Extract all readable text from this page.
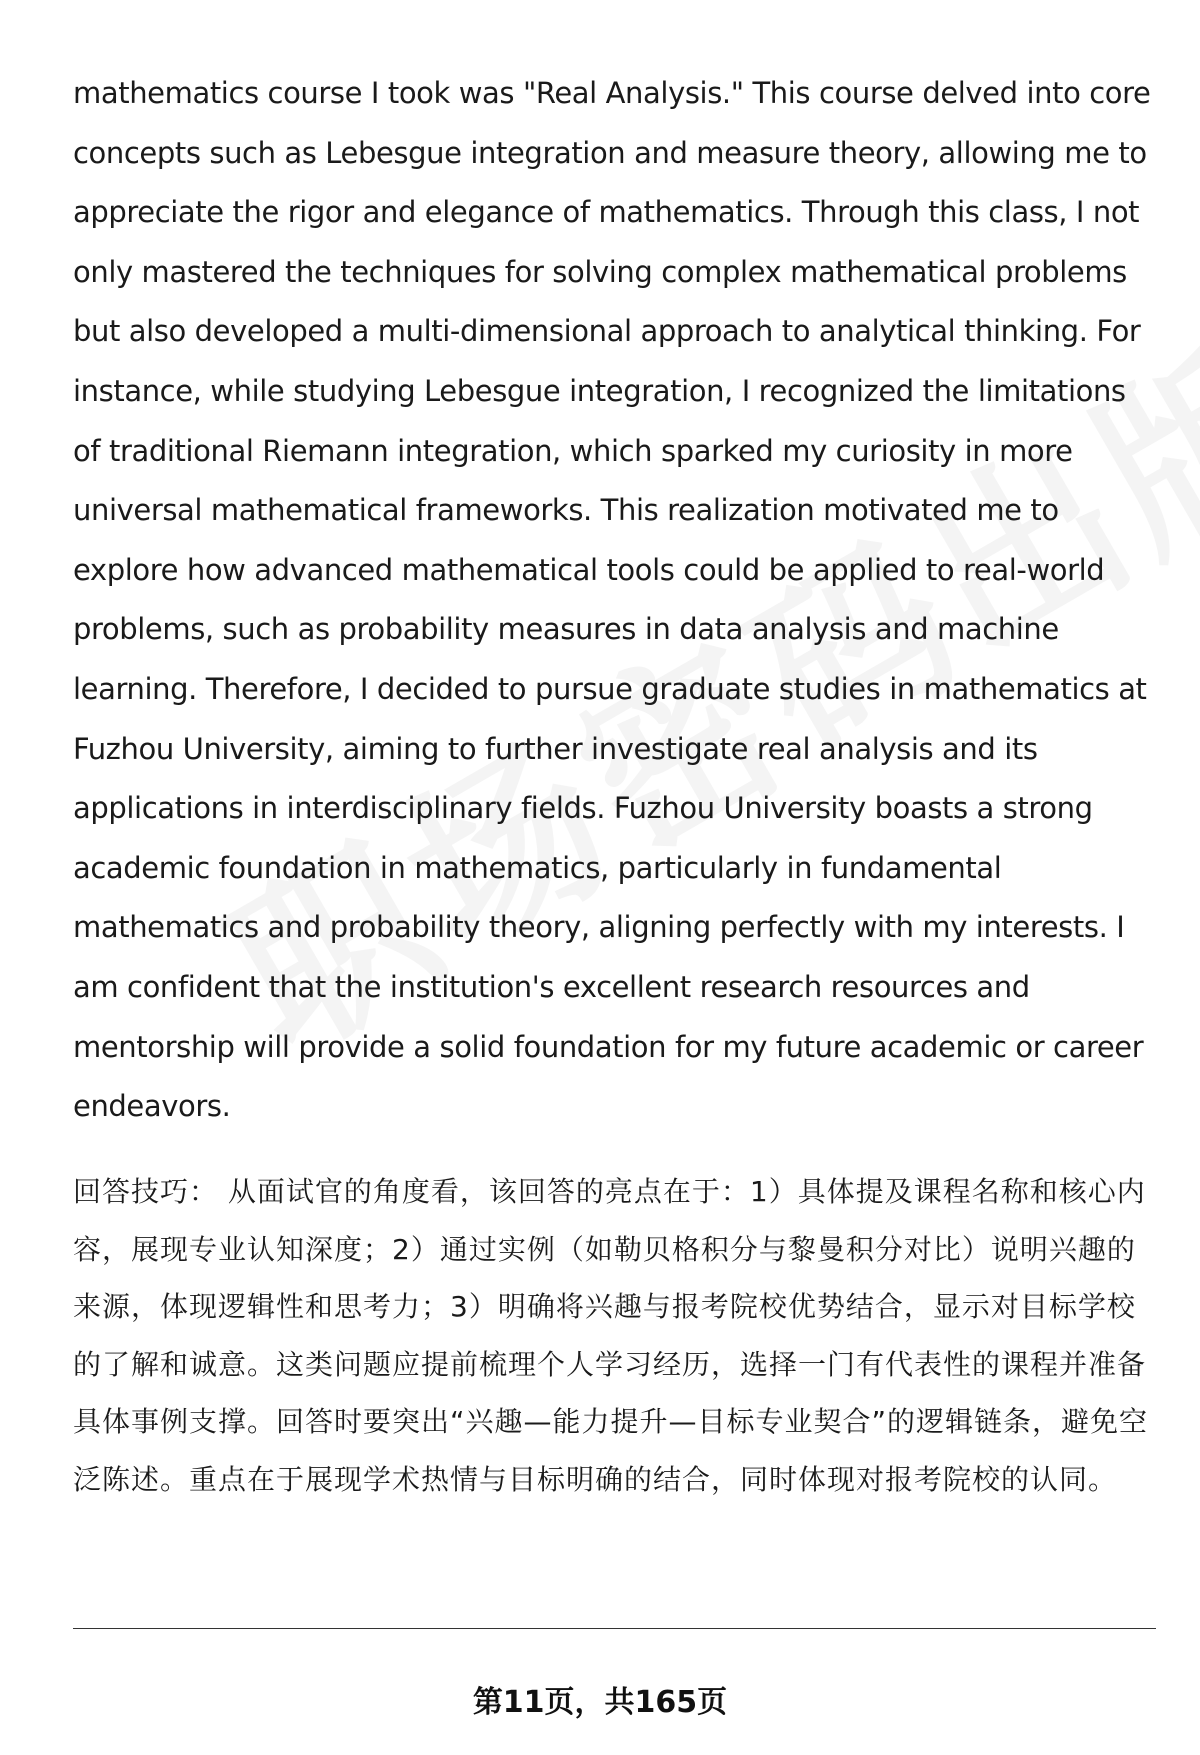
mathematics course I took was "Real Analysis." This course delved into core concepts such as Lebesgue integration and measure theory, allowing me to appreciate the rigor and elegance of mathematics. Through this class, I not only mastered the techniques for solving complex mathematical problems but also developed a multi-dimensional approach to analytical thinking. For instance, while studying Lebesgue integration, I recognized the limitations of traditional Riemann integration, which sparked my curiosity in more universal mathematical frameworks. This realization motivated me to explore how advanced mathematical tools could be applied to real-world problems, such as probability measures in data analysis and machine learning. Therefore, I decided to pursue graduate studies in mathematics at Fuzhou University, aiming to further investigate real analysis and its applications in interdisciplinary fields. Fuzhou University boasts a strong academic foundation in mathematics, particularly in fundamental mathematics and probability theory, aligning perfectly with my interests. I am confident that the institution's excellent research resources and mentorship will provide a solid foundation for my future academic or career endeavors.

回答技巧： 从面试官的角度看，该回答的亮点在于：1）具体提及课程名称和核心内容，展现专业认知深度；2）通过实例（如勒贝格积分与黎曼积分对比）说明兴趣的来源，体现逻辑性和思考力；3）明确将兴趣与报考院校优势结合，显示对目标学校的了解和诚意。这类问题应提前梳理个人学习经历，选择一门有代表性的课程并准备具体事例支撑。回答时要突出“兴趣—能力提升—目标专业契合”的逻辑链条，避免空泛陈述。重点在于展现学术热情与目标明确的结合，同时体现对报考院校的认同。

第11页，共165页
